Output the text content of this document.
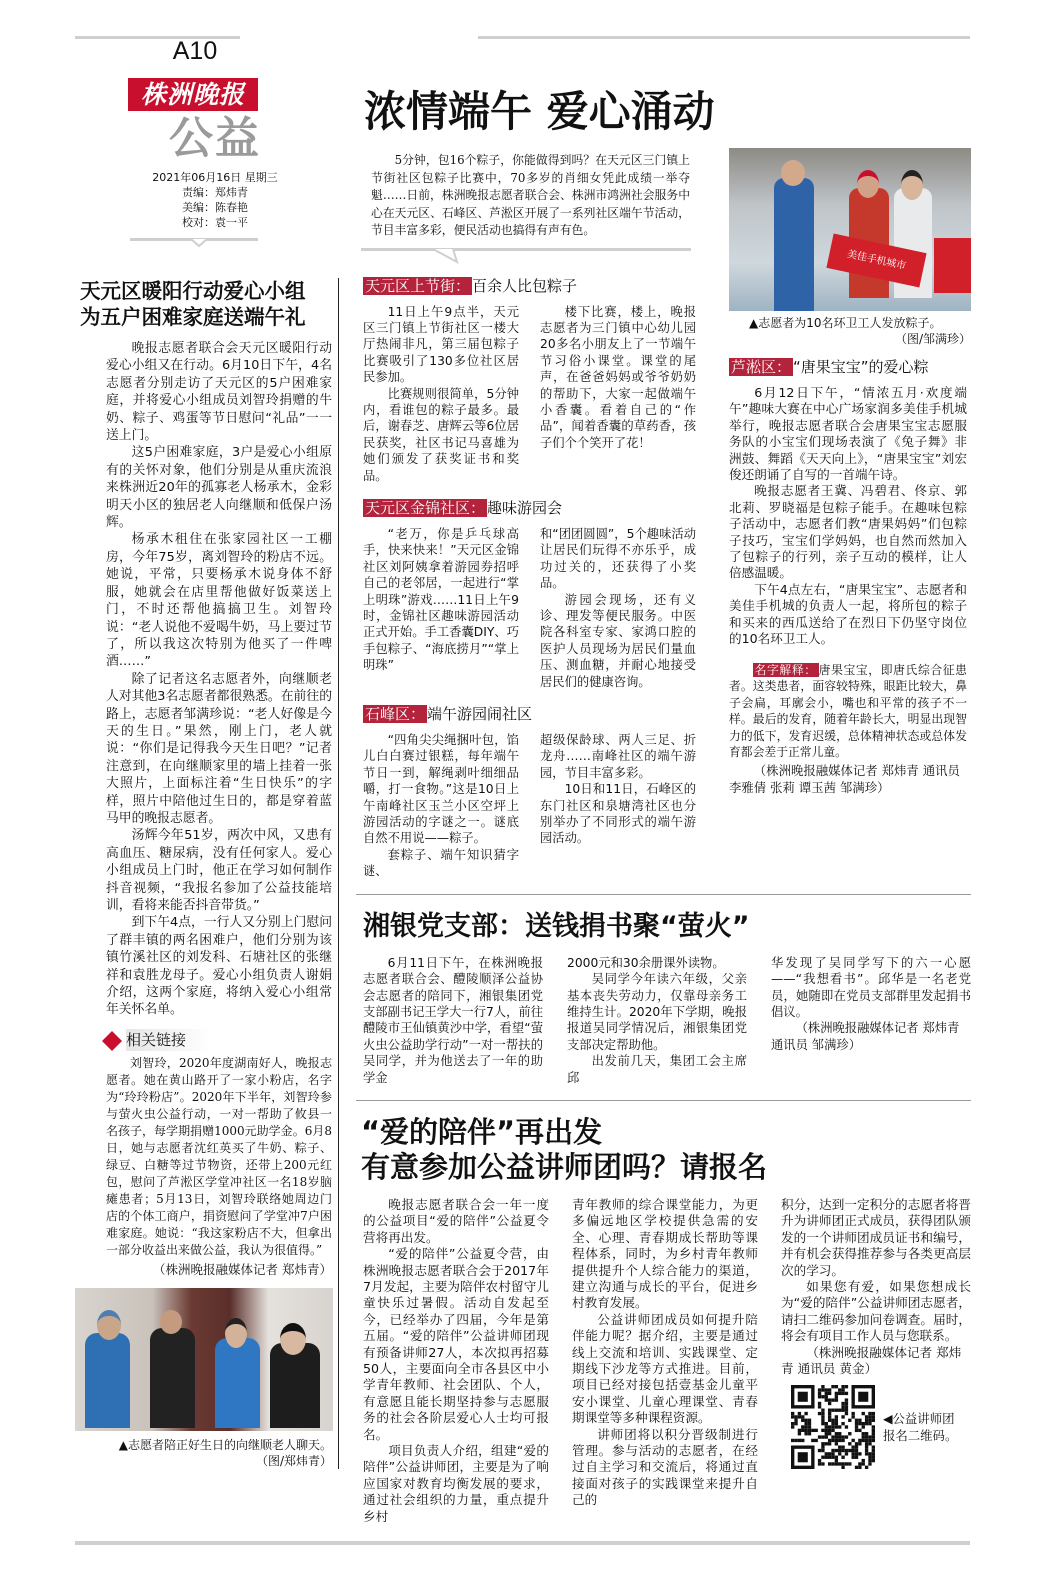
A10
株洲晚报
公益
2021年06月16日 星期三
责编：郑炜青
美编：陈春艳
校对：袁一平
天元区暖阳行动爱心小组
为五户困难家庭送端午礼

晚报志愿者联合会天元区暖阳行动爱心小组又在行动。6月10日下午，4名志愿者分别走访了天元区的5户困难家庭，并将爱心小组成员刘智玲捐赠的牛奶、粽子、鸡蛋等节日慰问“礼品”一一送上门。

这5户困难家庭，3户是爱心小组原有的关怀对象，他们分别是从重庆流浪来株洲近20年的孤寡老人杨承木，金彩明天小区的独居老人向继顺和低保户汤辉。

杨承木租住在张家园社区一工棚房，今年75岁，离刘智玲的粉店不远。她说，平常，只要杨承木说身体不舒服，她就会在店里帮他做好饭菜送上门，不时还帮他搞搞卫生。刘智玲说：“老人说他不爱喝牛奶，马上要过节了，所以我这次特别为他买了一件啤酒……”

除了记者这名志愿者外，向继顺老人对其他3名志愿者都很熟悉。在前往的路上，志愿者邹满珍说：“老人好像是今天的生日。”果然，刚上门，老人就说：“你们是记得我今天生日吧？”记者注意到，在向继顺家里的墙上挂着一张大照片，上面标注着“生日快乐”的字样，照片中陪他过生日的，都是穿着蓝马甲的晚报志愿者。

汤辉今年51岁，两次中风，又患有高血压、糖尿病，没有任何家人。爱心小组成员上门时，他正在学习如何制作抖音视频，“我报名参加了公益技能培训，看将来能否抖音带货。”

到下午4点，一行人又分别上门慰问了群丰镇的两名困难户，他们分别为该镇竹溪社区的刘发科、石塘社区的张继祥和袁胜龙母子。爱心小组负责人谢娟介绍，这两个家庭，将纳入爱心小组常年关怀名单。

相关链接

刘智玲，2020年度湖南好人，晚报志愿者。她在黄山路开了一家小粉店，名字为“玲玲粉店”。2020年下半年，刘智玲参与萤火虫公益行动，一对一帮助了攸县一名孩子，每学期捐赠1000元助学金。6月8日，她与志愿者沈红英买了牛奶、粽子、绿豆、白糖等过节物资，还带上200元红包，慰问了芦淞区学堂冲社区一名18岁脑瘫患者；5月13日，刘智玲联络她周边门店的个体工商户，捐资慰问了学堂冲7户困难家庭。她说：“我这家粉店不大，但拿出一部分收益出来做公益，我认为很值得。”

（株洲晚报融媒体记者 郑炜青）
▲志愿者陪正好生日的向继顺老人聊天。
（图/郑炜青）
浓情端午 爱心涌动
5分钟，包16个粽子，你能做得到吗？在天元区三门镇上节街社区包粽子比赛中，70多岁的肖细女凭此成绩一举夺魁……日前，株洲晚报志愿者联合会、株洲市鸿洲社会服务中心在天元区、石峰区、芦淞区开展了一系列社区端午节活动，节目丰富多彩，便民活动也搞得有声有色。
天元区上节街： 百余人比包粽子

11日上午9点半，天元区三门镇上节街社区一楼大厅热闹非凡，第三届包粽子比赛吸引了130多位社区居民参加。

比赛规则很简单，5分钟内，看谁包的粽子最多。最后，谢春芝、唐辉云等6位居民获奖，社区书记马喜雄为她们颁发了获奖证书和奖品。

楼下比赛，楼上，晚报志愿者为三门镇中心幼儿园20多名小朋友上了一节端午节习俗小课堂。课堂的尾声，在爸爸妈妈或爷爷奶奶的帮助下，大家一起做端午小香囊。看着自己的“作品”，闻着香囊的草药香，孩子们个个笑开了花！

天元区金锦社区： 趣味游园会

“老万，你是乒乓球高手，快来快来！”天元区金锦社区刘阿姨拿着游园券招呼自己的老邻居，一起进行“掌上明珠”游戏……11日上午9时，金锦社区趣味游园活动正式开始。手工香囊DIY、巧手包粽子、“海底捞月”“掌上明珠”

和“团团圆圆”，5个趣味活动让居民们玩得不亦乐乎，成功过关的，还获得了小奖品。

游园会现场，还有义诊、理发等便民服务。中医院各科室专家、家鸿口腔的医护人员现场为居民们量血压、测血糖，并耐心地接受居民们的健康咨询。

石峰区： 端午游园闹社区

“四角尖尖绳捆叶包，馅儿白白赛过银糕，每年端午节日一到，解绳剥叶细细品嚼，打一食物。”这是10日上午南峰社区玉兰小区空坪上游园活动的字谜之一。谜底自然不用说——粽子。

套粽子、端午知识猜字谜、

超级保龄球、两人三足、折龙舟……南峰社区的端午游园，节目丰富多彩。

10日和11日，石峰区的东门社区和泉塘湾社区也分别举办了不同形式的端午游园活动。

美佳手机城市
▲志愿者为10名环卫工人发放粽子。
（图/邹满珍）
芦淞区： “唐果宝宝”的爱心粽

6月12日下午，“情浓五月·欢度端午”趣味大赛在中心广场家润多美佳手机城举行，晚报志愿者联合会唐果宝宝志愿服务队的小宝宝们现场表演了《兔子舞》非洲鼓、舞蹈《天天向上》，“唐果宝宝”刘宏俊还朗诵了自写的一首端午诗。

晚报志愿者王冀、冯碧君、佟京、郭北莉、罗晓福是包粽子能手。在趣味包粽子活动中，志愿者们教“唐果妈妈”们包粽子技巧，宝宝们学妈妈，也自然而然加入了包粽子的行列，亲子互动的模样，让人倍感温暖。

下午4点左右，“唐果宝宝”、志愿者和美佳手机城的负责人一起，将所包的粽子和买来的西瓜送给了在烈日下仍坚守岗位的10名环卫工人。

名字解释： 唐果宝宝，即唐氏综合征患者。这类患者，面容较特殊，眼距比较大，鼻子会扁，耳廓会小，嘴也和平常的孩子不一样。最后的发育，随着年龄长大，明显出现智力的低下，发育迟缓，总体精神状态或总体发育都会差于正常儿童。
（株洲晚报融媒体记者 郑炜青 通讯员 李雅倩 张莉 谭玉茜 邹满珍）
湘银党支部：送钱捐书聚“萤火”

6月11日下午，在株洲晚报志愿者联合会、醴陵顺泽公益协会志愿者的陪同下，湘银集团党支部副书记王学大一行7人，前往醴陵市王仙镇黄沙中学，看望“萤火虫公益助学行动”一对一帮扶的吴同学，并为他送去了一年的助学金

2000元和30余册课外读物。

吴同学今年读六年级，父亲基本丧失劳动力，仅靠母亲务工维持生计。2020年下学期，晚报报道吴同学情况后，湘银集团党支部决定帮助他。

出发前几天，集团工会主席邱

华发现了吴同学写下的六一心愿——“我想看书”。邱华是一名老党员，她随即在党员支部群里发起捐书倡议。

（株洲晚报融媒体记者 郑炜青 通讯员 邹满珍）
“爱的陪伴”再出发
有意参加公益讲师团吗？请报名

晚报志愿者联合会一年一度的公益项目“爱的陪伴”公益夏令营将再出发。

“爱的陪伴”公益夏令营，由株洲晚报志愿者联合会于2017年7月发起，主要为陪伴农村留守儿童快乐过暑假。活动自发起至今，已经举办了四届，今年是第五届。“爱的陪伴”公益讲师团现有预备讲师27人，本次拟再招募50人，主要面向全市各县区中小学青年教师、社会团队、个人，有意愿且能长期坚持参与志愿服务的社会各阶层爱心人士均可报名。

项目负责人介绍，组建“爱的陪伴”公益讲师团，主要是为了响应国家对教育均衡发展的要求，通过社会组织的力量，重点提升乡村

青年教师的综合课堂能力，为更多偏远地区学校提供急需的安全、心理、青春期成长帮助等课程体系，同时，为乡村青年教师提供提升个人综合能力的渠道，建立沟通与成长的平台，促进乡村教育发展。

公益讲师团成员如何提升陪伴能力呢？据介绍，主要是通过线上交流和培训、实践课堂、定期线下沙龙等方式推进。目前，项目已经对接包括壹基金儿童平安小课堂、儿童心理课堂、青春期课堂等多种课程资源。

讲师团将以积分晋级制进行管理。参与活动的志愿者，在经过自主学习和交流后，将通过直接面对孩子的实践课堂来提升自己的

积分，达到一定积分的志愿者将晋升为讲师团正式成员，获得团队颁发的一个讲师团成员证书和编号，并有机会获得推荐参与各类更高层次的学习。

如果您有爱，如果您想成长为“爱的陪伴”公益讲师团志愿者，请扫二维码参加问卷调查。届时，将会有项目工作人员与您联系。

（株洲晚报融媒体记者 郑炜青 通讯员 黄金）
◀公益讲师团报名二维码。
